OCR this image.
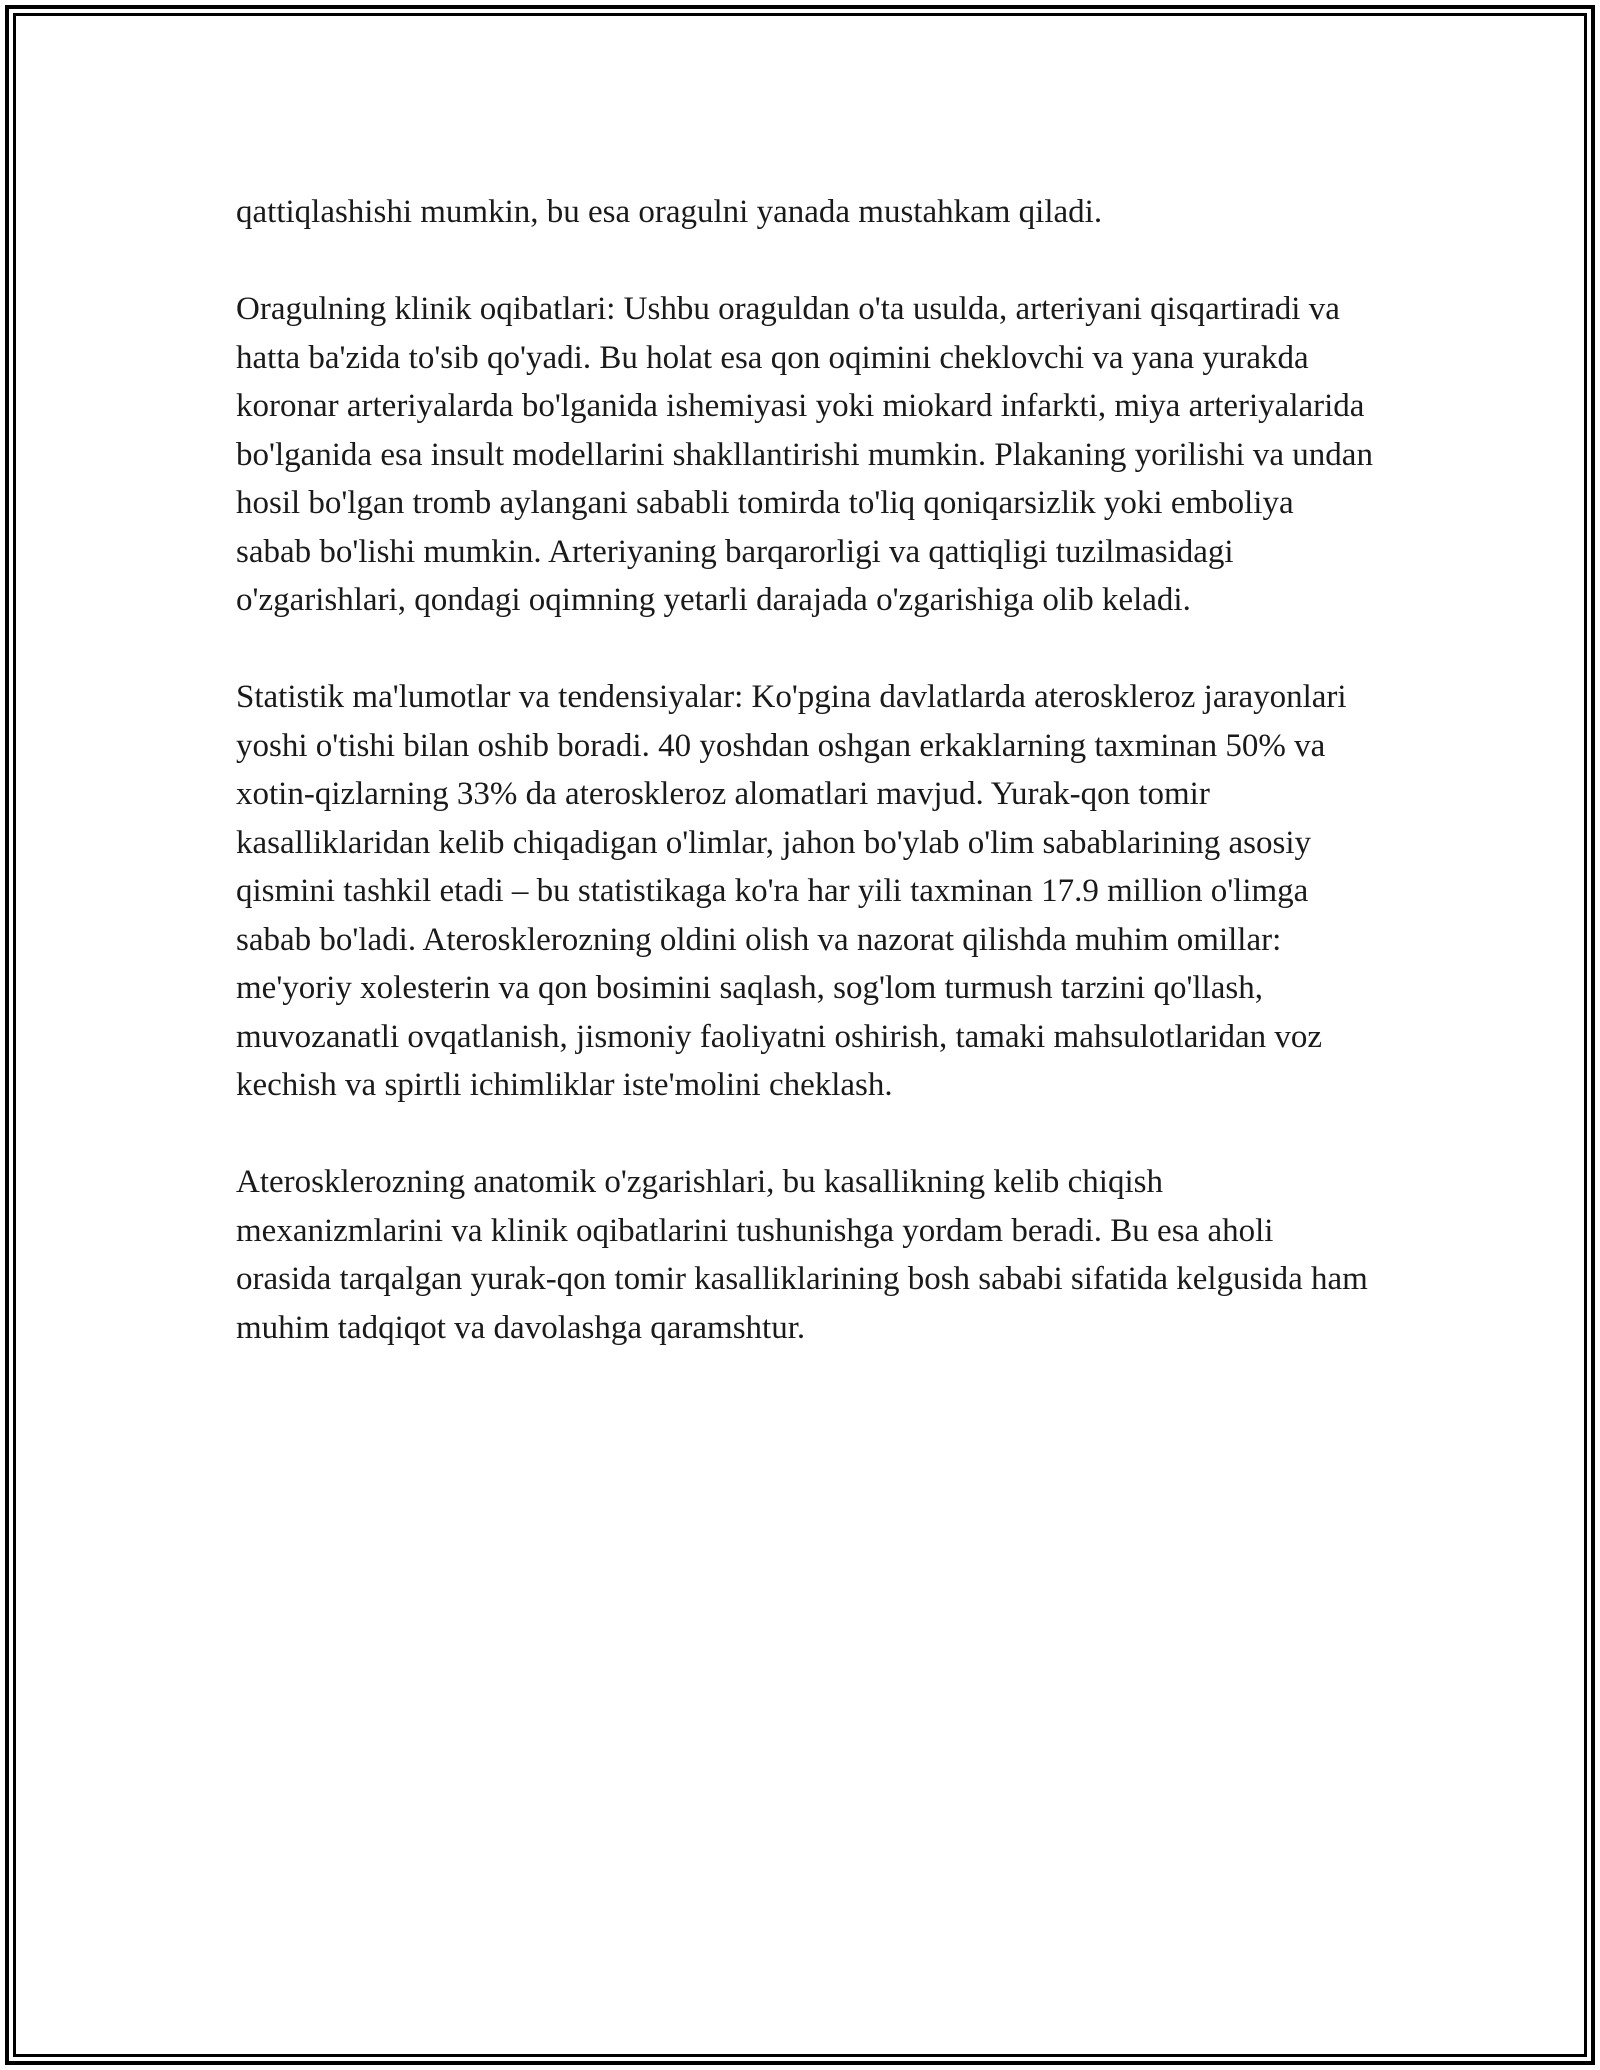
qattiqlashishi mumkin, bu esa oragulni yanada mustahkam qiladi.

Oragulning klinik oqibatlari: Ushbu oraguldan o'ta usulda, arteriyani qisqartiradi va hatta ba'zida to'sib qo'yadi. Bu holat esa qon oqimini cheklovchi va yana yurakda koronar arteriyalarda bo'lganida ishemiyasi yoki miokard infarkti, miya arteriyalarida bo'lganida esa insult modellarini shakllantirishi mumkin. Plakaning yorilishi va undan hosil bo'lgan tromb aylangani sababli tomirda to'liq qoniqarsizlik yoki emboliya sabab bo'lishi mumkin. Arteriyaning barqarorligi va qattiqligi tuzilmasidagi o'zgarishlari, qondagi oqimning yetarli darajada o'zgarishiga olib keladi.

Statistik ma'lumotlar va tendensiyalar: Ko'pgina davlatlarda ateroskleroz jarayonlari yoshi o'tishi bilan oshib boradi. 40 yoshdan oshgan erkaklarning taxminan 50% va xotin-qizlarning 33% da ateroskleroz alomatlari mavjud. Yurak-qon tomir kasalliklaridan kelib chiqadigan o'limlar, jahon bo'ylab o'lim sabablarining asosiy qismini tashkil etadi – bu statistikaga ko'ra har yili taxminan 17.9 million o'limga sabab bo'ladi. Aterosklerozning oldini olish va nazorat qilishda muhim omillar: me'yoriy xolesterin va qon bosimini saqlash, sog'lom turmush tarzini qo'llash, muvozanatli ovqatlanish, jismoniy faoliyatni oshirish, tamaki mahsulotlaridan voz kechish va spirtli ichimliklar iste'molini cheklash.

Aterosklerozning anatomik o'zgarishlari, bu kasallikning kelib chiqish mexanizmlarini va klinik oqibatlarini tushunishga yordam beradi. Bu esa aholi orasida tarqalgan yurak-qon tomir kasalliklarining bosh sababi sifatida kelgusida ham muhim tadqiqot va davolashga qaramshtur.
